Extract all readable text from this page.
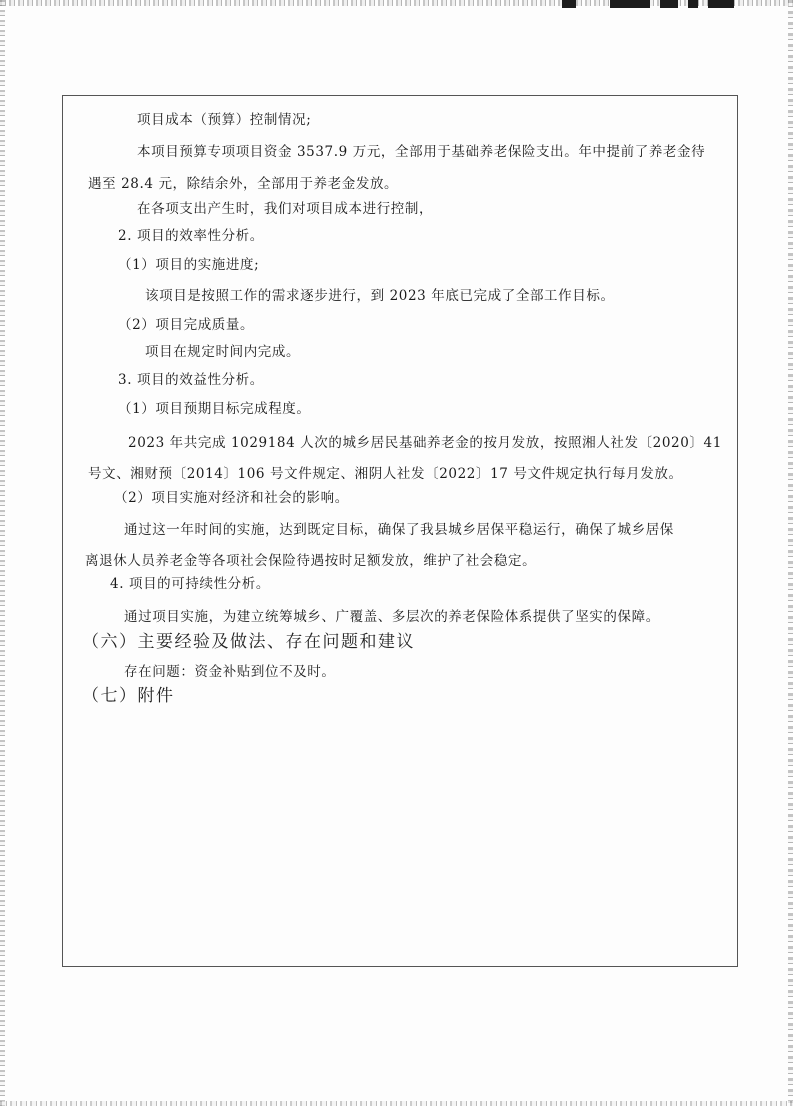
项目成本（预算）控制情况;
本项目预算专项项目资金 3537.9 万元，全部用于基础养老保险支出。年中提前了养老金待
遇至 28.4 元，除结余外，全部用于养老金发放。
在各项支出产生时，我们对项目成本进行控制，
2. 项目的效率性分析。
（1）项目的实施进度;
该项目是按照工作的需求逐步进行，到 2023 年底已完成了全部工作目标。
（2）项目完成质量。
项目在规定时间内完成。
3. 项目的效益性分析。
（1）项目预期目标完成程度。
2023 年共完成 1029184 人次的城乡居民基础养老金的按月发放，按照湘人社发〔2020〕41
号文、湘财预〔2014〕106 号文件规定、湘阴人社发〔2022〕17 号文件规定执行每月发放。
（2）项目实施对经济和社会的影响。
通过这一年时间的实施，达到既定目标，确保了我县城乡居保平稳运行，确保了城乡居保
离退休人员养老金等各项社会保险待遇按时足额发放，维护了社会稳定。
4. 项目的可持续性分析。
通过项目实施，为建立统筹城乡、广覆盖、多层次的养老保险体系提供了坚实的保障。
（六）主要经验及做法、存在问题和建议
存在问题：资金补贴到位不及时。
（七）附件
